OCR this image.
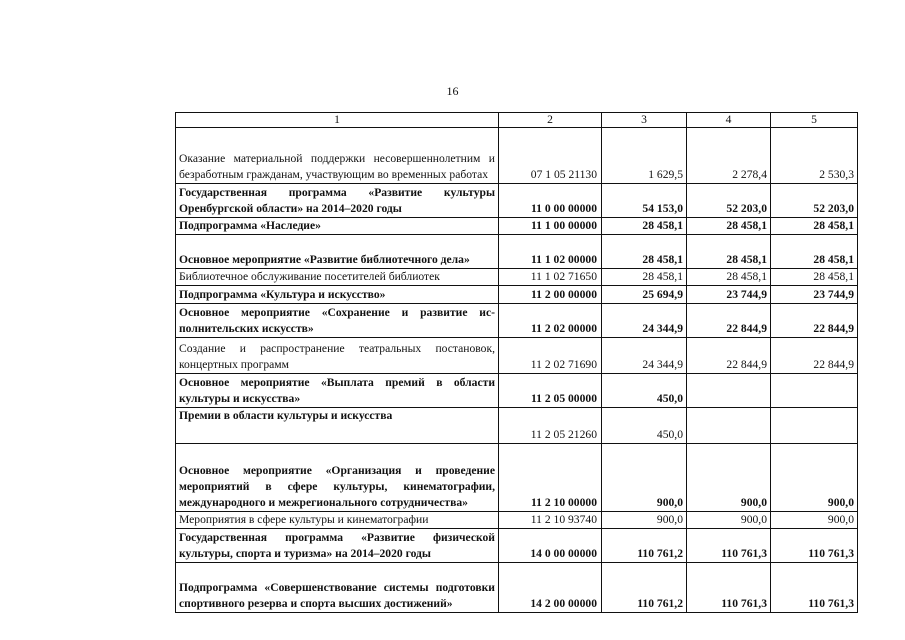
16
1	2	3	4	5
Оказание материальной поддержки несовершеннолетним и безработным гражданам, участвующим во временных работах	07 1 05 21130	1 629,5	2 278,4	2 530,3
Государственная программа «Развитие культуры Оренбургской области» на 2014–2020 годы	11 0 00 00000	54 153,0	52 203,0	52 203,0
Подпрограмма «Наследие»	11 1 00 00000	28 458,1	28 458,1	28 458,1
Основное мероприятие «Развитие библиотечного дела»	11 1 02 00000	28 458,1	28 458,1	28 458,1
Библиотечное обслуживание посетителей библиотек	11 1 02 71650	28 458,1	28 458,1	28 458,1
Подпрограмма «Культура и искусство»	11 2 00 00000	25 694,9	23 744,9	23 744,9
Основное мероприятие «Сохранение и развитие исполнительских искусств»	11 2 02 00000	24 344,9	22 844,9	22 844,9
Создание и распространение театральных постановок, концертных программ	11 2 02 71690	24 344,9	22 844,9	22 844,9
Основное мероприятие «Выплата премий в области культуры и искусства»	11 2 05 00000	450,0		
Премии в области культуры и искусства	11 2 05 21260	450,0		
Основное мероприятие «Организация и проведение мероприятий в сфере культуры, кинематографии, международного и межрегионального сотрудничества»	11 2 10 00000	900,0	900,0	900,0
Мероприятия в сфере культуры и кинематографии	11 2 10 93740	900,0	900,0	900,0
Государственная программа «Развитие физической культуры, спорта и туризма» на 2014–2020 годы	14 0 00 00000	110 761,2	110 761,3	110 761,3
Подпрограмма «Совершенствование системы подготовки спортивного резерва и спорта высших достижений»	14 2 00 00000	110 761,2	110 761,3	110 761,3
